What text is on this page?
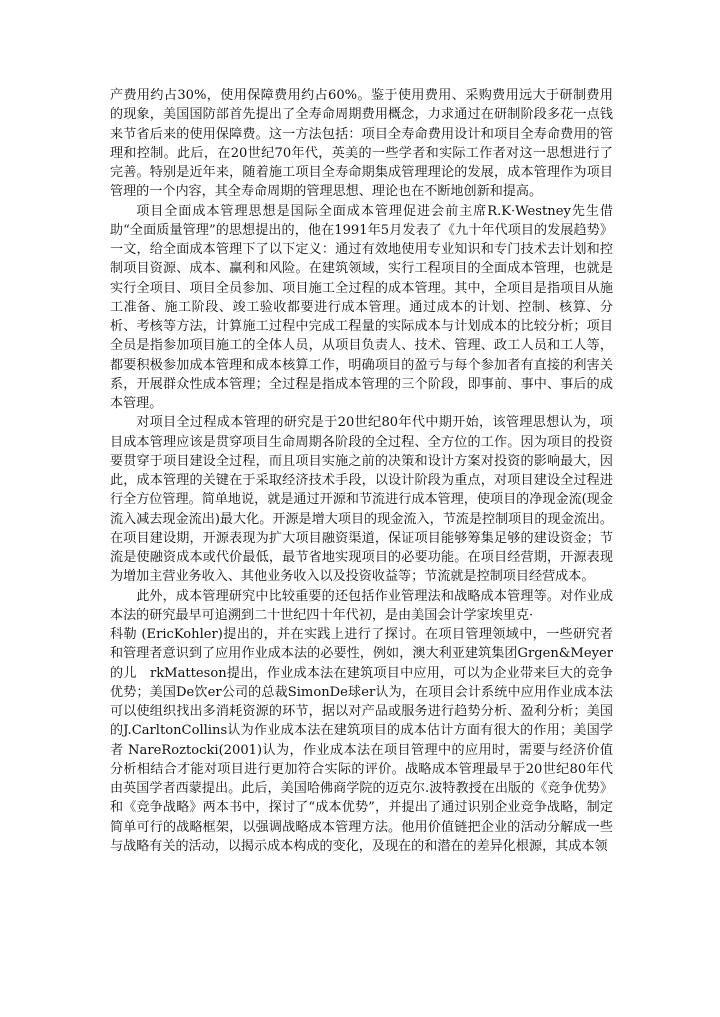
产费用约占30%，使用保障费用约占60%。鉴于使用费用、采购费用远大于研制费用的现象，美国国防部首先提出了全寿命周期费用概念，力求通过在研制阶段多花一点钱来节省后来的使用保障费。这一方法包括：项目全寿命费用设计和项目全寿命费用的管理和控制。此后，在20世纪70年代，英美的一些学者和实际工作者对这一思想进行了完善。特别是近年来，随着施工项目全寿命期集成管理理论的发展，成本管理作为项目管理的一个内容，其全寿命周期的管理思想、理论也在不断地创新和提高。

项目全面成本管理思想是国际全面成本管理促进会前主席R.K·Westney先生借助“全面质量管理”的思想提出的，他在1991年5月发表了《九十年代项目的发展趋势》一文，给全面成本管理下了以下定义：通过有效地使用专业知识和专门技术去计划和控制项目资源、成本、赢利和风险。在建筑领域，实行工程项目的全面成本管理，也就是实行全项目、项目全员参加、项目施工全过程的成本管理。其中，全项目是指项目从施工准备、施工阶段、竣工验收都要进行成本管理。通过成本的计划、控制、核算、分析、考核等方法，计算施工过程中完成工程量的实际成本与计划成本的比较分析；项目全员是指参加项目施工的全体人员，从项目负责人、技术、管理、政工人员和工人等，都要积极参加成本管理和成本核算工作，明确项目的盈亏与每个参加者有直接的利害关系，开展群众性成本管理；全过程是指成本管理的三个阶段，即事前、事中、事后的成本管理。

对项目全过程成本管理的研究是于20世纪80年代中期开始，该管理思想认为，项目成本管理应该是贯穿项目生命周期各阶段的全过程、全方位的工作。因为项目的投资要贯穿于项目建设全过程，而且项目实施之前的决策和设计方案对投资的影响最大，因此，成本管理的关键在于采取经济技术手段，以设计阶段为重点，对项目建设全过程进行全方位管理。简单地说，就是通过开源和节流进行成本管理，使项目的净现金流(现金流入减去现金流出)最大化。开源是增大项目的现金流入，节流是控制项目的现金流出。在项目建设期，开源表现为扩大项目融资渠道，保证项目能够筹集足够的建设资金；节流是使融资成本或代价最低，最节省地实现项目的必要功能。在项目经营期，开源表现为增加主营业务收入、其他业务收入以及投资收益等；节流就是控制项目经营成本。

此外，成本管理研究中比较重要的还包括作业管理法和战略成本管理等。对作业成本法的研究最早可追溯到二十世纪四十年代初，是由美国会计学家埃里克·

科勒 (EricKohler)提出的，并在实践上进行了探讨。在项目管理领域中，一些研究者和管理者意识到了应用作业成本法的必要性，例如，澳大利亚建筑集团Grgen&Meyer的儿　rkMatteson提出，作业成本法在建筑项目中应用，可以为企业带来巨大的竞争优势；美国De饮er公司的总裁SimonDe球er认为，在项目会计系统中应用作业成本法可以使组织找出多消耗资源的环节，据以对产品或服务进行趋势分析、盈利分析；美国的J.CarltonCollins认为作业成本法在建筑项目的成本估计方面有很大的作用；美国学者 NareRoztocki(2001)认为，作业成本法在项目管理中的应用时，需要与经济价值分析相结合才能对项目进行更加符合实际的评价。战略成本管理最早于20世纪80年代由英国学者西蒙提出。此后，美国哈佛商学院的迈克尔.波特教授在出版的《竞争优势》和《竞争战略》两本书中，探讨了“成本优势”，并提出了通过识别企业竞争战略，制定简单可行的战略框架，以强调战略成本管理方法。他用价值链把企业的活动分解成一些与战略有关的活动，以揭示成本构成的变化，及现在的和潜在的差异化根源，其成本领
